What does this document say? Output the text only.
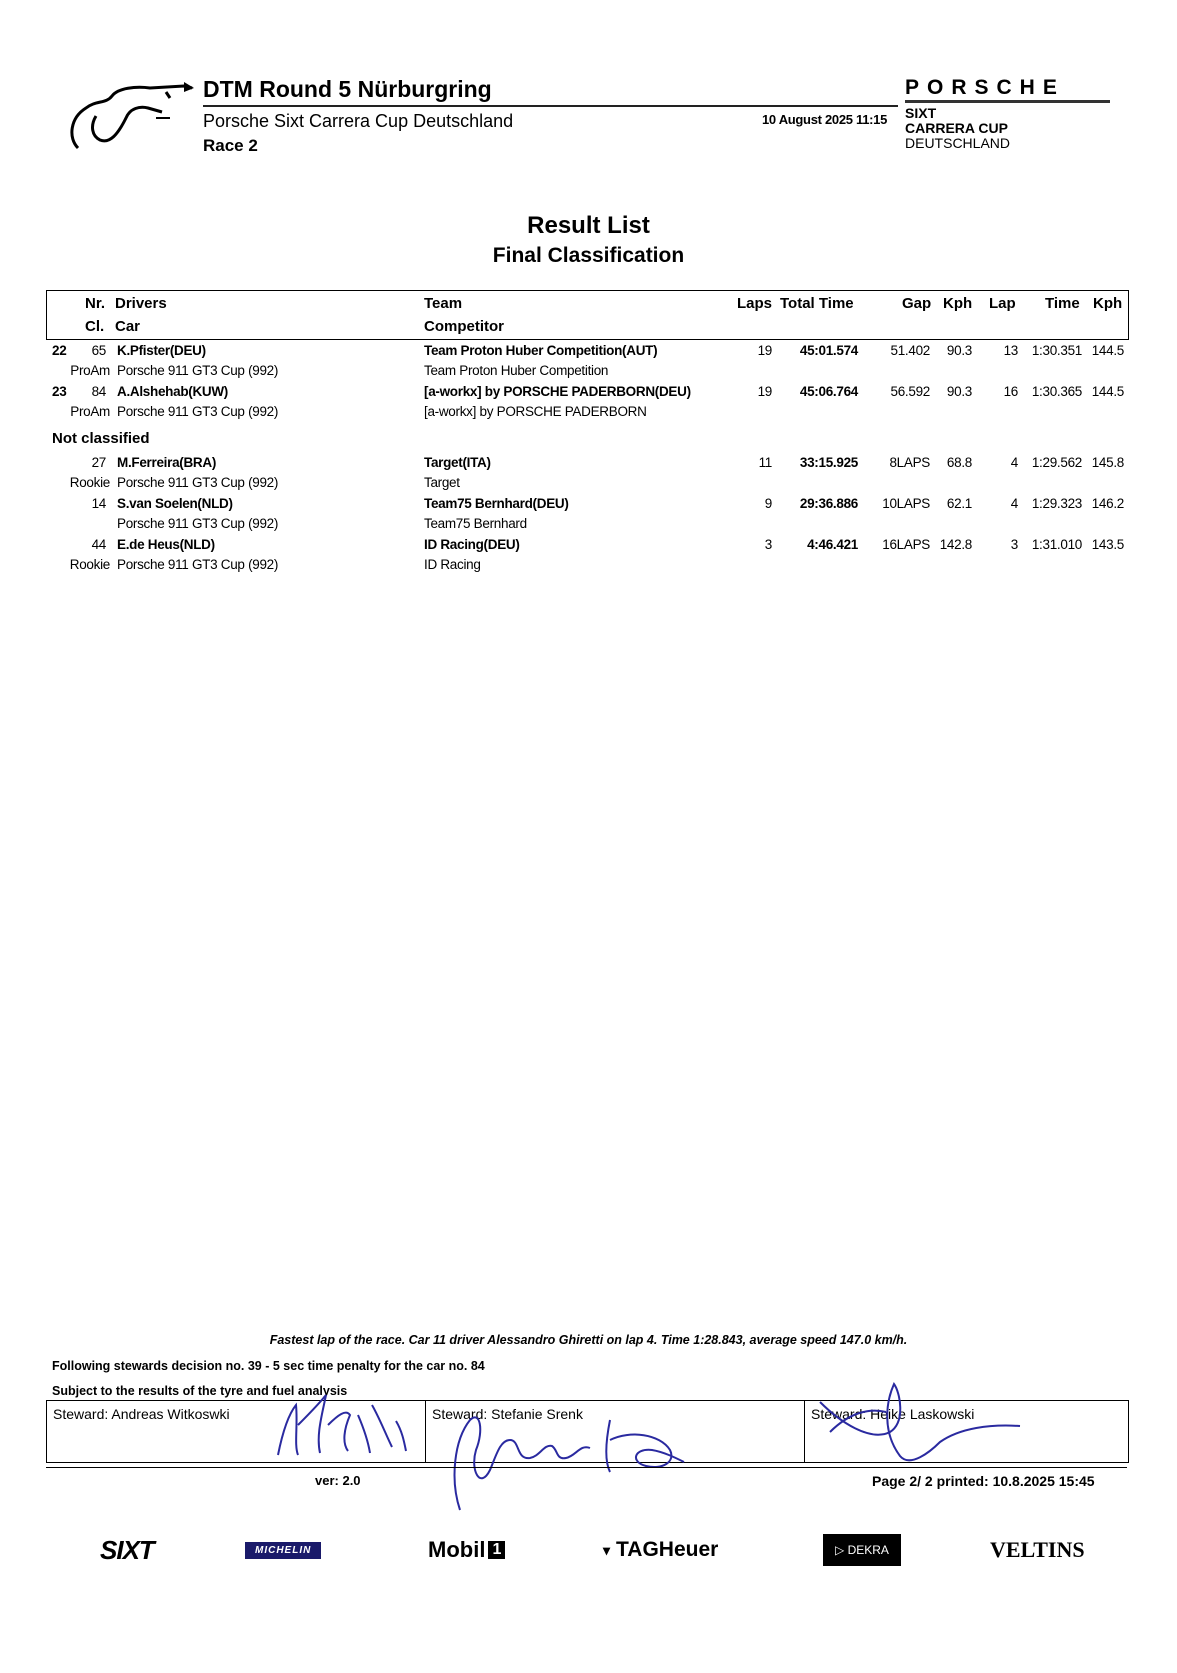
DTM Round 5 Nürburgring
Porsche Sixt Carrera Cup Deutschland
Race 2
10 August 2025 11:15
PORSCHE
SIXT
CARRERA CUP
DEUTSCHLAND
Result List
Final Classification
Nr. Drivers	Team	Laps Total Time	Gap Kph Lap Time Kph
Cl. Car	Competitor
22	65 K.Pfister(DEU)	Team Proton Huber Competition(AUT)	19	45:01.574	51.402	90.3 13	1:30.351 144.5
ProAm Porsche 911 GT3 Cup (992)	Team Proton Huber Competition
23	84 A.Alshehab(KUW)	[a-workx] by PORSCHE PADERBORN(DEU)	19	45:06.764	56.592	90.3 16	1:30.365 144.5
ProAm Porsche 911 GT3 Cup (992)	[a-workx] by PORSCHE PADERBORN
27 M.Ferreira(BRA)	Target(ITA)	11	33:15.925	8LAPS	68.8	4	1:29.562 145.8
Rookie Porsche 911 GT3 Cup (992)	Target
14 S.van Soelen(NLD)	Team75 Bernhard(DEU)	9	29:36.886	10LAPS	62.1	4	1:29.323 146.2
Porsche 911 GT3 Cup (992)	Team75 Bernhard
44 E.de Heus(NLD)	ID Racing(DEU)	3	4:46.421	16LAPS 142.8	3	1:31.010 143.5
Rookie Porsche 911 GT3 Cup (992)	ID Racing
Not classified
Fastest lap of the race. Car 11 driver Alessandro Ghiretti on lap 4. Time 1:28.843, average speed 147.0 km/h.
Following stewards decision no. 39 - 5 sec time penalty for the car no. 84
Subject to the results of the tyre and fuel analysis
Steward: Andreas Witkoswki	Steward: Stefanie Srenk	Steward: Heike Laskowski
ver: 2.0	Page 2/ 2 printed: 10.8.2025 15:45
SIXT	MICHELIN	Mobil 1	▾ TAGHeuer	▷ DEKRA	VELTINS
